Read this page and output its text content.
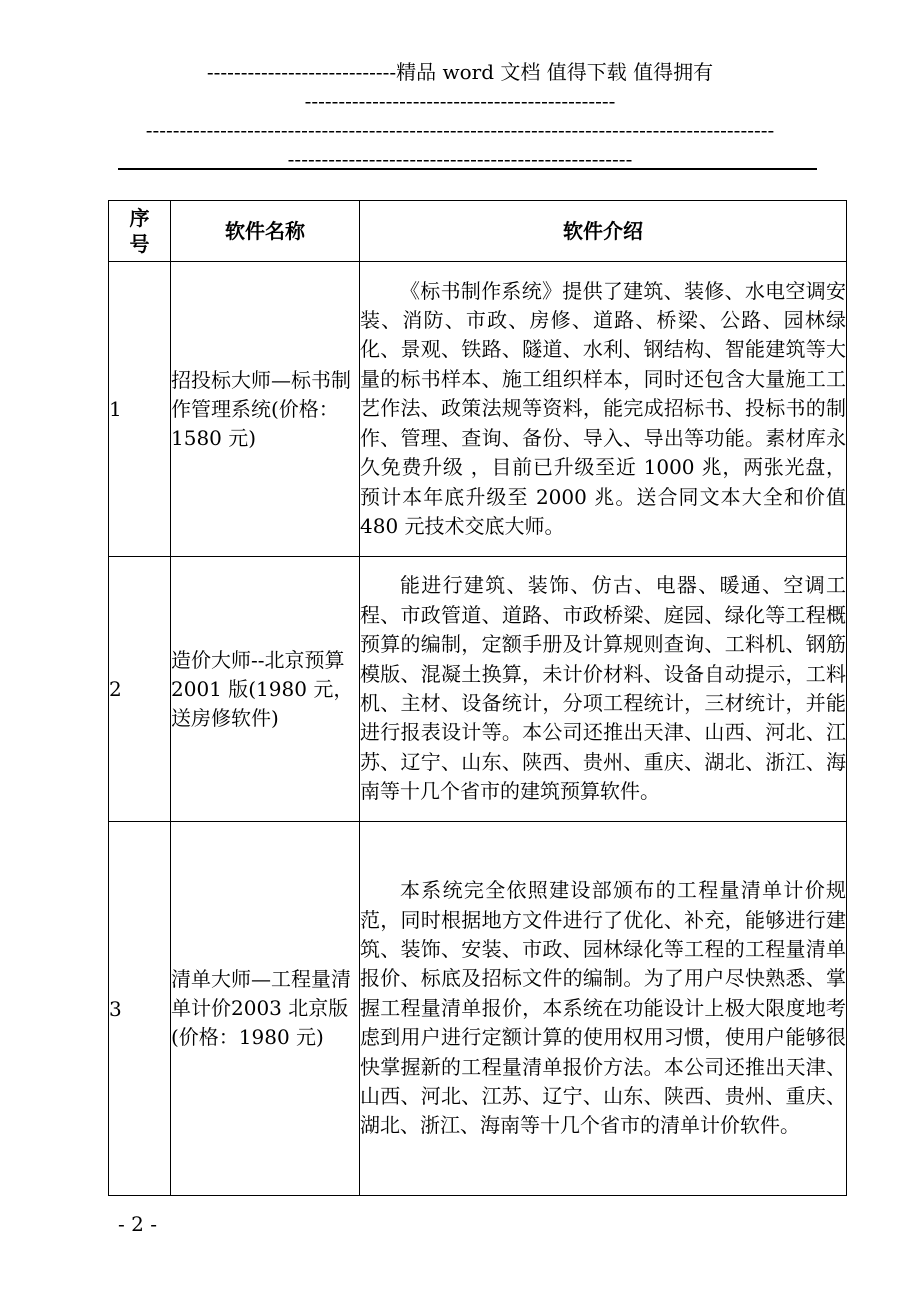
----------------------------精品 word 文档 值得下载 值得拥有
----------------------------------------------
---------------------------------------------------------------------------------------------
---------------------------------------------------
序号	软件名称	软件介绍
1	招投标大师—标书制作管理系统(价格：1580 元)	《标书制作系统》提供了建筑、装修、水电空调安装、消防、市政、房修、道路、桥梁、公路、园林绿化、景观、铁路、隧道、水利、钢结构、智能建筑等大量的标书样本、施工组织样本，同时还包含大量施工工艺作法、政策法规等资料，能完成招标书、投标书的制作、管理、查询、备份、导入、导出等功能。素材库永久免费升级 ，目前已升级至近 1000 兆，两张光盘，预计本年底升级至 2000 兆。送合同文本大全和价值 480 元技术交底大师。

2	造价大师--北京预算 2001 版(1980 元，送房修软件)	能进行建筑、装饰、仿古、电器、暖通、空调工程、市政管道、道路、市政桥梁、庭园、绿化等工程概预算的编制，定额手册及计算规则查询、工料机、钢筋模版、混凝土换算，未计价材料、设备自动提示，工料机、主材、设备统计，分项工程统计，三材统计，并能进行报表设计等。本公司还推出天津、山西、河北、江苏、辽宁、山东、陕西、贵州、重庆、湖北、浙江、海南等十几个省市的建筑预算软件。

3	清单大师—工程量清单计价2003 北京版(价格：1980 元)	本系统完全依照建设部颁布的工程量清单计价规范，同时根据地方文件进行了优化、补充，能够进行建筑、装饰、安装、市政、园林绿化等工程的工程量清单报价、标底及招标文件的编制。为了用户尽快熟悉、掌握工程量清单报价，本系统在功能设计上极大限度地考虑到用户进行定额计算的使用权用习惯，使用户能够很快掌握新的工程量清单报价方法。本公司还推出天津、山西、河北、江苏、辽宁、山东、陕西、贵州、重庆、湖北、浙江、海南等十几个省市的清单计价软件。
- 2 -
